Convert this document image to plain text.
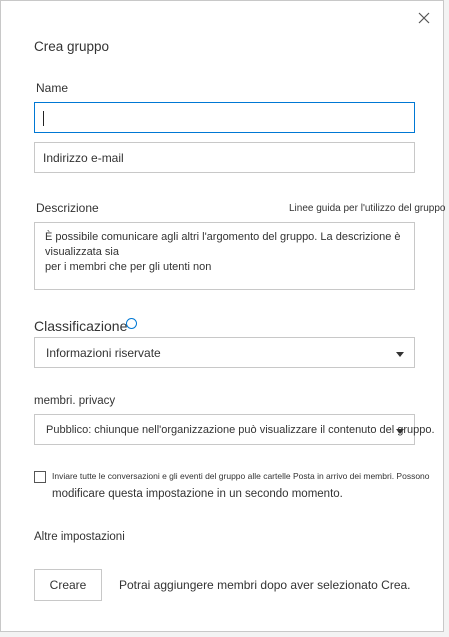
Crea gruppo
Name
Indirizzo e-mail
Descrizione	Linee guida per l'utilizzo del gruppo
È possibile comunicare agli altri l'argomento del gruppo. La descrizione è visualizzata sia
per i membri che per gli utenti non
Classificazione
Informazioni riservate
membri. privacy
Pubblico: chiunque nell'organizzazione può visualizzare il contenuto del gruppo.
Inviare tutte le conversazioni e gli eventi del gruppo alle cartelle Posta in arrivo dei membri. Possono
modificare questa impostazione in un secondo momento.
Altre impostazioni
Creare	Potrai aggiungere membri dopo aver selezionato Crea.
